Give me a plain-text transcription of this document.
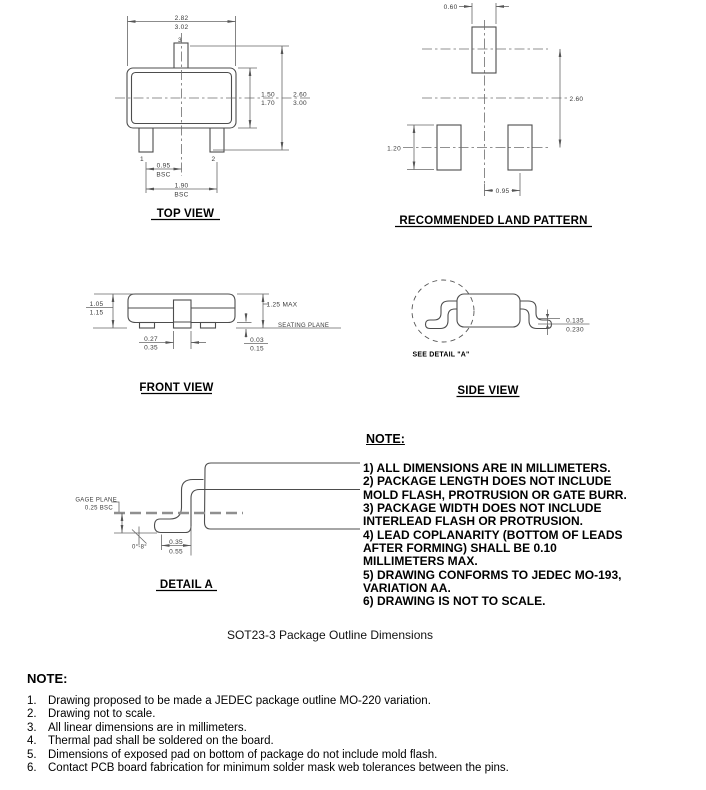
2.82
3.02
3
1	2
1.50
1.70
2.60
3.00
0.95
BSC
1.90
BSC
TOP VIEW
0.60
2.60
1.20
0.95
RECOMMENDED LAND PATTERN
1.05
1.15
1.25 MAX
SEATING PLANE
0.27
0.35
0.03
0.15
FRONT VIEW
SEE DETAIL "A"
0.135
0.230
SIDE VIEW
GAGE PLANE
0.25 BSC
0°-8°
0.35
0.55
DETAIL A
NOTE:
1) ALL DIMENSIONS ARE IN MILLIMETERS.
2) PACKAGE LENGTH DOES NOT INCLUDE
MOLD FLASH, PROTRUSION OR GATE BURR.
3) PACKAGE WIDTH DOES NOT INCLUDE
INTERLEAD FLASH OR PROTRUSION.
4) LEAD COPLANARITY (BOTTOM OF LEADS
AFTER FORMING) SHALL BE 0.10
MILLIMETERS MAX.
5) DRAWING CONFORMS TO JEDEC MO-193,
VARIATION AA.
6) DRAWING IS NOT TO SCALE.
SOT23-3 Package Outline Dimensions
NOTE:
1. Drawing proposed to be made a JEDEC package outline MO-220 variation.
2. Drawing not to scale.
3. All linear dimensions are in millimeters.
4. Thermal pad shall be soldered on the board.
5. Dimensions of exposed pad on bottom of package do not include mold flash.
6. Contact PCB board fabrication for minimum solder mask web tolerances between the pins.
